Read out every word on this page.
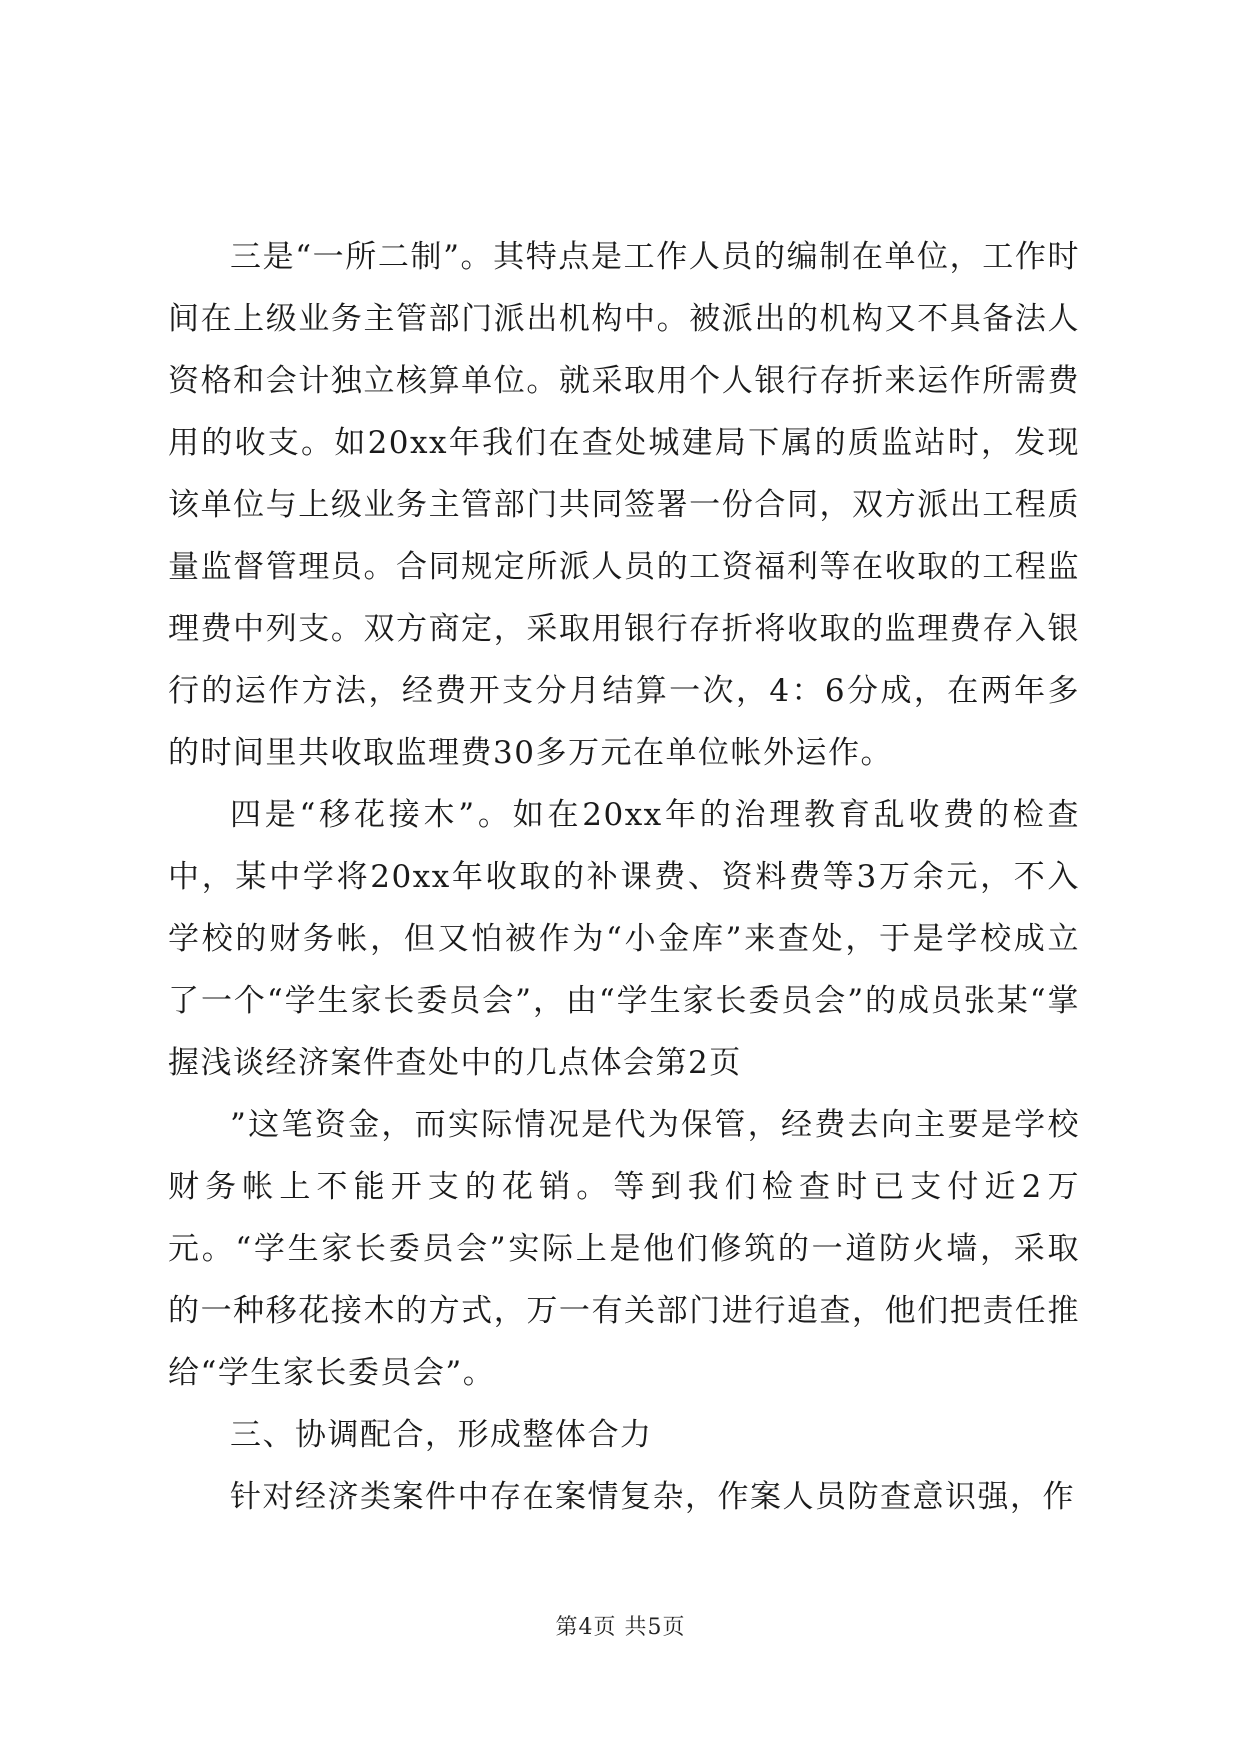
三是“一所二制”。其特点是工作人员的编制在单位，工作时间在上级业务主管部门派出机构中。被派出的机构又不具备法人资格和会计独立核算单位。就采取用个人银行存折来运作所需费用的收支。如20xx年我们在查处城建局下属的质监站时，发现该单位与上级业务主管部门共同签署一份合同，双方派出工程质量监督管理员。合同规定所派人员的工资福利等在收取的工程监理费中列支。双方商定，采取用银行存折将收取的监理费存入银行的运作方法，经费开支分月结算一次，4：6分成，在两年多的时间里共收取监理费30多万元在单位帐外运作。

四是“移花接木”。如在20xx年的治理教育乱收费的检查中，某中学将20xx年收取的补课费、资料费等3万余元，不入学校的财务帐，但又怕被作为“小金库”来查处，于是学校成立了一个“学生家长委员会”，由“学生家长委员会”的成员张某“掌握浅谈经济案件查处中的几点体会第2页

”这笔资金，而实际情况是代为保管，经费去向主要是学校财务帐上不能开支的花销。等到我们检查时已支付近2万元。“学生家长委员会”实际上是他们修筑的一道防火墙，采取的一种移花接木的方式，万一有关部门进行追查，他们把责任推给“学生家长委员会”。

三、协调配合，形成整体合力

针对经济类案件中存在案情复杂，作案人员防查意识强，作

第4页 共5页
